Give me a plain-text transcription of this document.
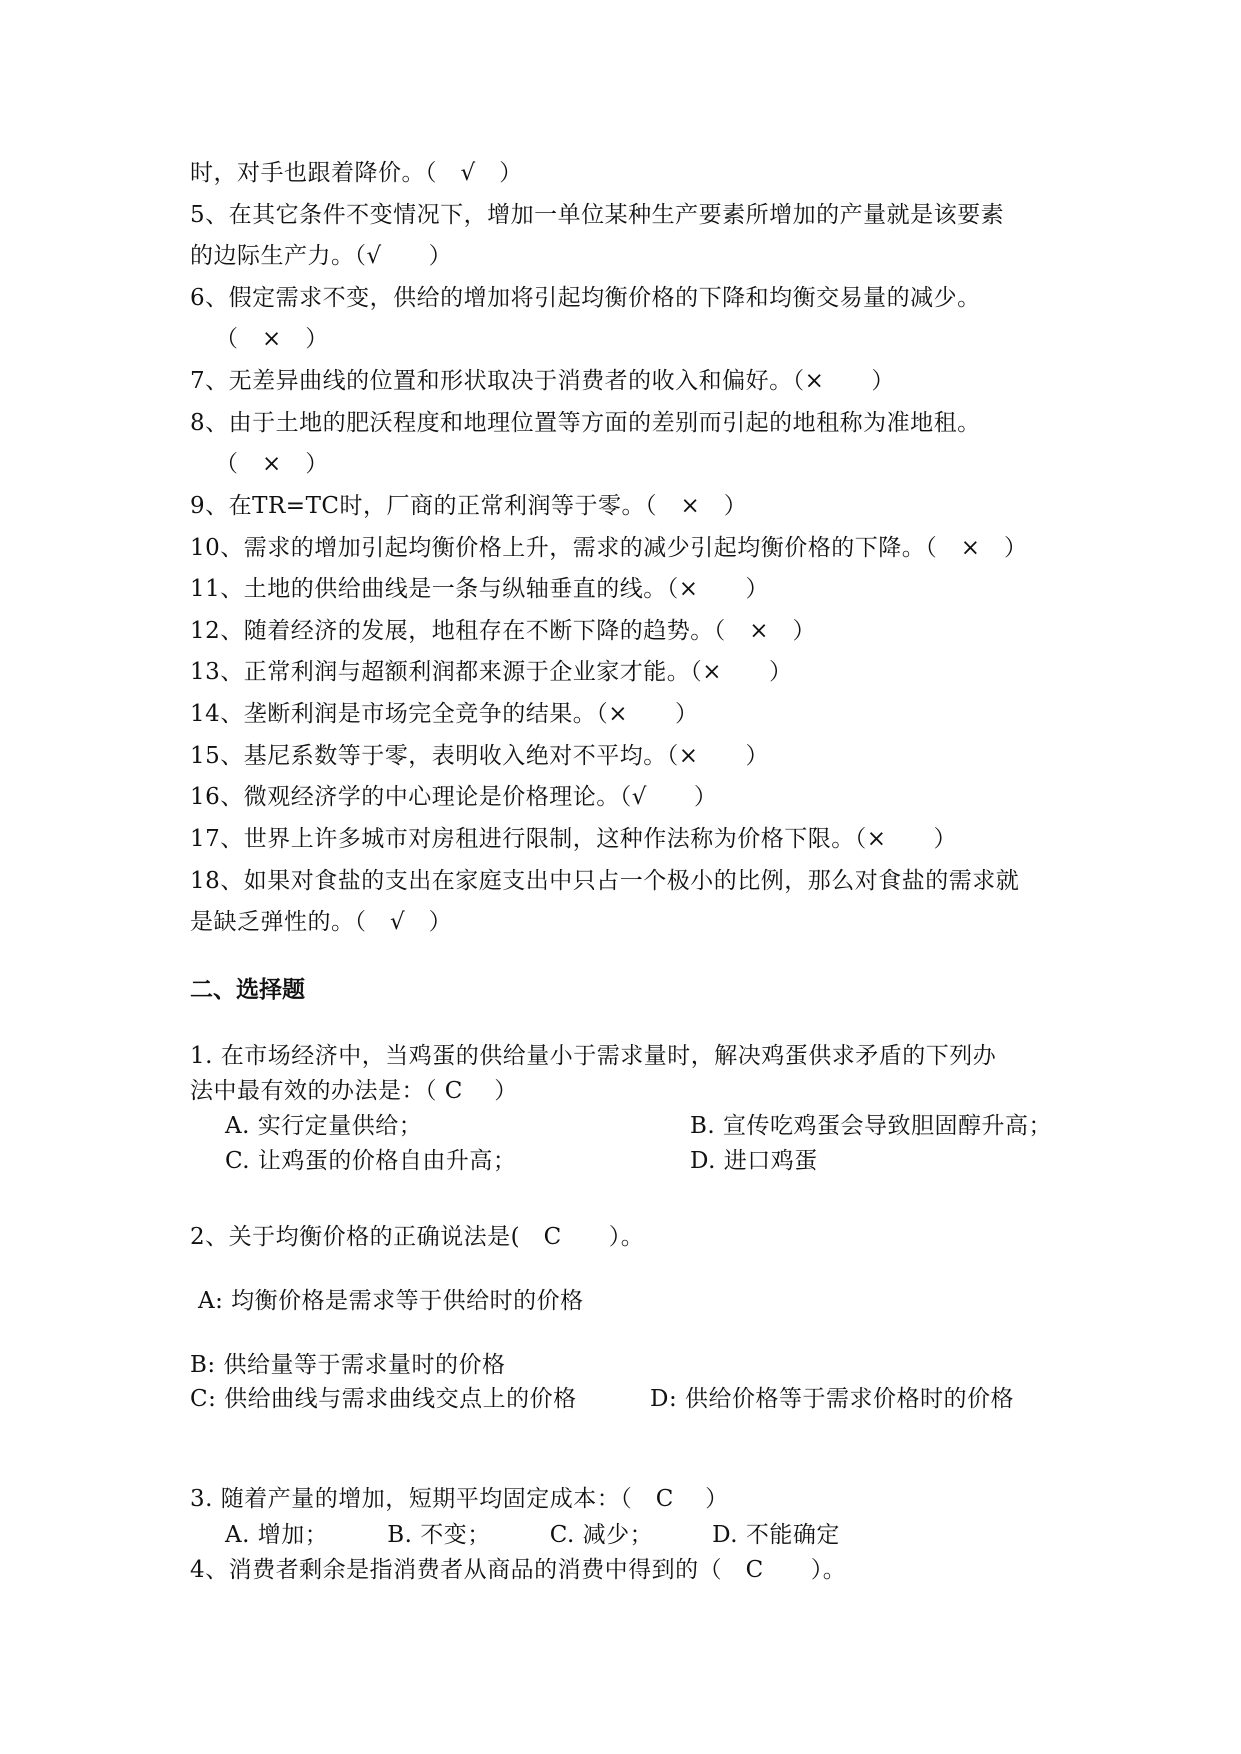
时，对手也跟着降价。（　√　）
5、在其它条件不变情况下，增加一单位某种生产要素所增加的产量就是该要素
的边际生产力。（√　　）
6、假定需求不变，供给的增加将引起均衡价格的下降和均衡交易量的减少。
（　×　）
7、无差异曲线的位置和形状取决于消费者的收入和偏好。（×　　）
8、由于土地的肥沃程度和地理位置等方面的差别而引起的地租称为准地租。
（　×　）
9、在TR=TC时，厂商的正常利润等于零。（　×　）
10、需求的增加引起均衡价格上升，需求的减少引起均衡价格的下降。（　×　）
11、土地的供给曲线是一条与纵轴垂直的线。（×　　）
12、随着经济的发展，地租存在不断下降的趋势。（　×　）
13、正常利润与超额利润都来源于企业家才能。（×　　）
14、垄断利润是市场完全竞争的结果。（×　　）
15、基尼系数等于零，表明收入绝对不平均。（×　　）
16、微观经济学的中心理论是价格理论。（√　　）
17、世界上许多城市对房租进行限制，这种作法称为价格下限。（×　　）
18、如果对食盐的支出在家庭支出中只占一个极小的比例，那么对食盐的需求就
是缺乏弹性的。（　√　）
二、选择题
1. 在市场经济中，当鸡蛋的供给量小于需求量时，解决鸡蛋供求矛盾的下列办
法中最有效的办法是：（ C　 ）
A. 实行定量供给；	B. 宣传吃鸡蛋会导致胆固醇升高；
C. 让鸡蛋的价格自由升高；	D. 进口鸡蛋
2、关于均衡价格的正确说法是(　C　　）。
A: 均衡价格是需求等于供给时的价格
B: 供给量等于需求量时的价格
C: 供给曲线与需求曲线交点上的价格	D: 供给价格等于需求价格时的价格
3. 随着产量的增加，短期平均固定成本：（　C　 ）
A. 增加；　　　B. 不变；　　　C. 减少；　　　D. 不能确定
4、消费者剩余是指消费者从商品的消费中得到的（　C　　）。
